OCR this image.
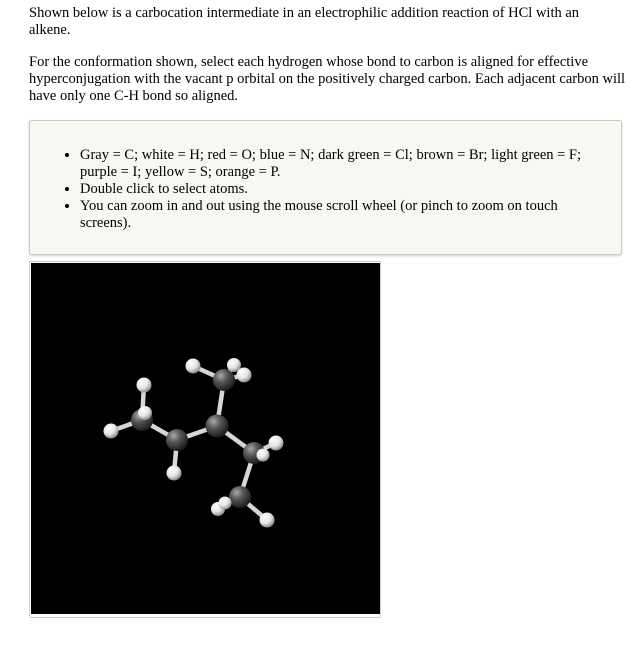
Shown below is a carbocation intermediate in an electrophilic addition reaction of HCl with an alkene.

For the conformation shown, select each hydrogen whose bond to carbon is aligned for effective hyperconjugation with the vacant p orbital on the positively charged carbon. Each adjacent carbon will have only one C-H bond so aligned.

• Gray = C; white = H; red = O; blue = N; dark green = Cl; brown = Br; light green = F; purple = I; yellow = S; orange = P.
• Double click to select atoms.
• You can zoom in and out using the mouse scroll wheel (or pinch to zoom on touch screens).
